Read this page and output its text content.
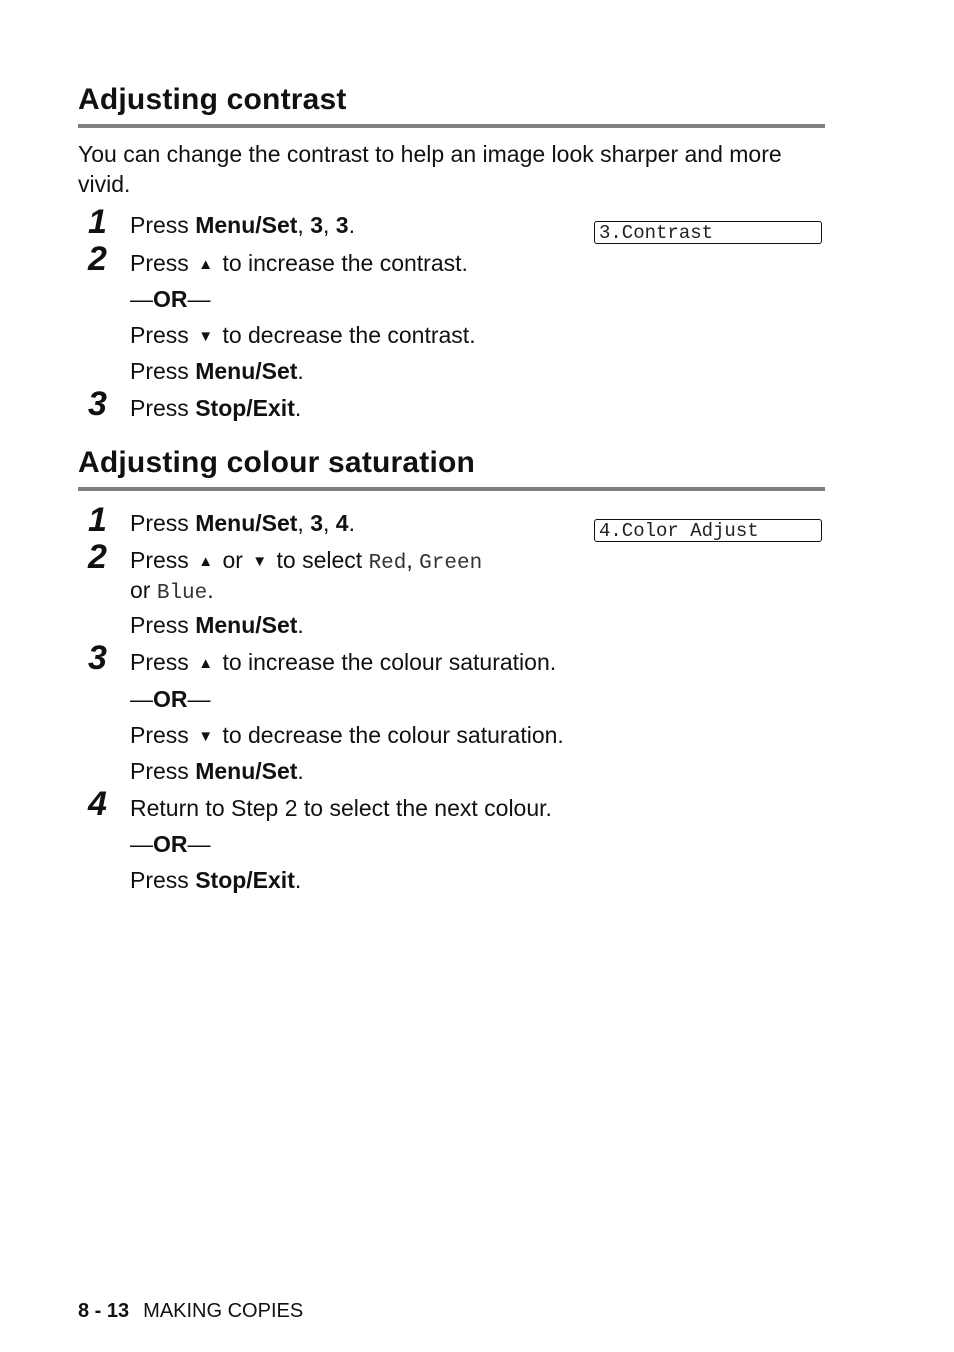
Adjusting contrast
You can change the contrast to help an image look sharper and more vivid.
3.Contrast
1 Press Menu/Set, 3, 3.
2 Press ▲ to increase the contrast.
—OR—
Press ▼ to decrease the contrast.
Press Menu/Set.
3 Press Stop/Exit.
Adjusting colour saturation
4.Color Adjust
1 Press Menu/Set, 3, 4.
2 Press ▲ or ▼ to select Red, Green
or Blue.
Press Menu/Set.
3 Press ▲ to increase the colour saturation.
—OR—
Press ▼ to decrease the colour saturation.
Press Menu/Set.
4 Return to Step 2 to select the next colour.
—OR—
Press Stop/Exit.
8 - 13 MAKING COPIES
